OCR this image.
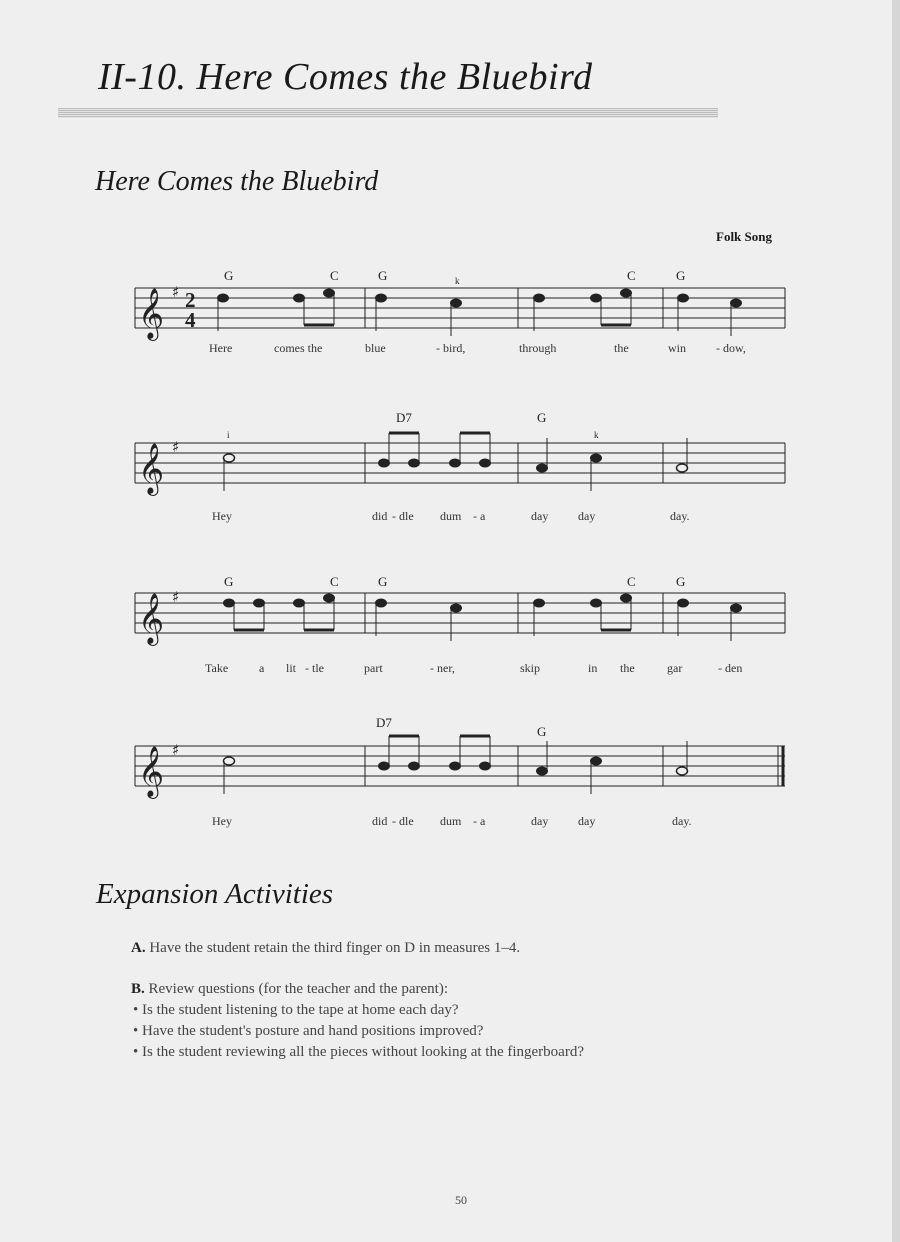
II-10. Here Comes the Bluebird
Here Comes the Bluebird
Folk Song
𝄞 ♯ 2
4
G	C	G	C	G
k
Here	comes the	blue	- bird,	through	the	win	- dow,
𝄞 ♯
D7	G
i	k
Hey	did - dle dum - a	day day	day.
𝄞 ♯
G	C	G	C	G
Take	a lit - tle	part	- ner,	skip	in the	gar	- den
𝄞 ♯
D7
G
Hey	did - dle dum - a	day day	day.
Expansion Activities
A. Have the student retain the third finger on D in measures 1–4.
B. Review questions (for the teacher and the parent):
• Is the student listening to the tape at home each day?
• Have the student's posture and hand positions improved?
• Is the student reviewing all the pieces without looking at the fingerboard?
50
